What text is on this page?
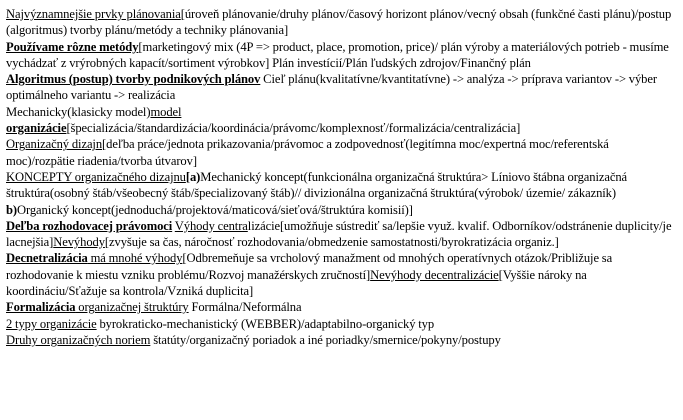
Najvýznamnejšie prvky plánovania[úroveň plánovanie/druhy plánov/časový horizont plánov/vecný obsah (funkčné časti plánu)/postup (algoritmus) tvorby plánu/metódy a techniky plánovania]

Používame rôzne metódy[marketingový mix (4P => product, place, promotion, price)/ plán výroby a materiálových potrieb - musíme vychádzať z vrýrobných kapacít/sortiment výrobkov] Plán investícií/Plán ľudských zdrojov/Finančný plán

Algoritmus (postup) tvorby podnikových plánov Cieľ plánu(kvalitatívne/kvantitatívne) -> analýza -> príprava variantov -> výber optimálneho variantu -> realizácia

Mechanicky(klasicky model)model

organizácie[špecializácia/štandardizácia/koordinácia/právomc/komplexnosť/formalizácia/centralizácia]

Organizačný dizajn[deľba práce/jednota prikazovania/právomoc a zodpovednosť(legitímna moc/expertná moc/referentská moc)/rozpätie riadenia/tvorba útvarov]

KONCEPTY organizačného dizajnu[a)Mechanický koncept(funkcionálna organizačná štruktúra> Líniovo štábna organizačná štruktúra(osobný štáb/všeobecný štáb/špecializovaný štáb)// divizionálna organizačná štruktúra(výrobok/ územie/ zákazník) b)Organický koncept(jednoduchá/projektová/maticová/sieťová/štruktúra komisií)]

Deľba rozhodovacej právomoci Výhody centralizácie[umožňuje sústrediť sa/lepšie využ. kvalif. Odborníkov/odstránenie duplicity/je lacnejšia]Nevýhody[zvyšuje sa čas, náročnosť rozhodovania/obmedzenie samostatnosti/byrokratizácia organiz.]

Decnetralizácia má mnohé výhody[Odbremeňuje sa vrcholový manažment od mnohých operatívnych otázok/Približuje sa rozhodovanie k miestu vzniku problému/Rozvoj manažérskych zručností]Nevýhody decentralizácie[Vyššie nároky na koordináciu/Sťažuje sa kontrola/Vzniká duplicita]

Formalizácia organizačnej štruktúry Formálna/Neformálna

2 typy organizácie byrokraticko-mechanistický (WEBBER)/adaptabilno-organický typ

Druhy organizačných noriem štatúty/organizačný poriadok a iné poriadky/smernice/pokyny/postupy
